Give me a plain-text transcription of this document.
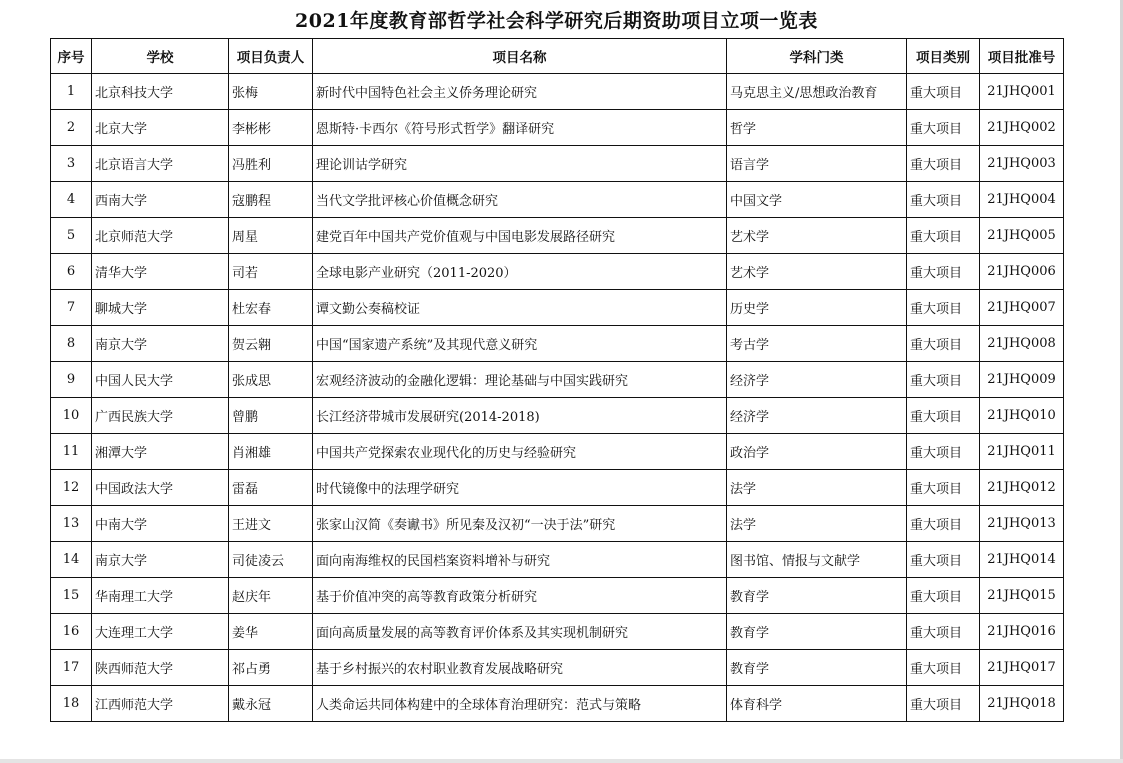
2021年度教育部哲学社会科学研究后期资助项目立项一览表
序号	学校	项目负责人	项目名称	学科门类	项目类别	项目批准号
1	北京科技大学	张梅	新时代中国特色社会主义侨务理论研究	马克思主义/思想政治教育	重大项目	21JHQ001
2	北京大学	李彬彬	恩斯特·卡西尔《符号形式哲学》翻译研究	哲学	重大项目	21JHQ002
3	北京语言大学	冯胜利	理论训诂学研究	语言学	重大项目	21JHQ003
4	西南大学	寇鹏程	当代文学批评核心价值概念研究	中国文学	重大项目	21JHQ004
5	北京师范大学	周星	建党百年中国共产党价值观与中国电影发展路径研究	艺术学	重大项目	21JHQ005
6	清华大学	司若	全球电影产业研究（2011-2020）	艺术学	重大项目	21JHQ006
7	聊城大学	杜宏春	谭文勤公奏稿校证	历史学	重大项目	21JHQ007
8	南京大学	贺云翱	中国“国家遗产系统”及其现代意义研究	考古学	重大项目	21JHQ008
9	中国人民大学	张成思	宏观经济波动的金融化逻辑：理论基础与中国实践研究	经济学	重大项目	21JHQ009
10	广西民族大学	曾鹏	长江经济带城市发展研究(2014-2018)	经济学	重大项目	21JHQ010
11	湘潭大学	肖湘雄	中国共产党探索农业现代化的历史与经验研究	政治学	重大项目	21JHQ011
12	中国政法大学	雷磊	时代镜像中的法理学研究	法学	重大项目	21JHQ012
13	中南大学	王进文	张家山汉简《奏谳书》所见秦及汉初“一决于法”研究	法学	重大项目	21JHQ013
14	南京大学	司徒凌云	面向南海维权的民国档案资料增补与研究	图书馆、情报与文献学	重大项目	21JHQ014
15	华南理工大学	赵庆年	基于价值冲突的高等教育政策分析研究	教育学	重大项目	21JHQ015
16	大连理工大学	姜华	面向高质量发展的高等教育评价体系及其实现机制研究	教育学	重大项目	21JHQ016
17	陕西师范大学	祁占勇	基于乡村振兴的农村职业教育发展战略研究	教育学	重大项目	21JHQ017
18	江西师范大学	戴永冠	人类命运共同体构建中的全球体育治理研究：范式与策略	体育科学	重大项目	21JHQ018
